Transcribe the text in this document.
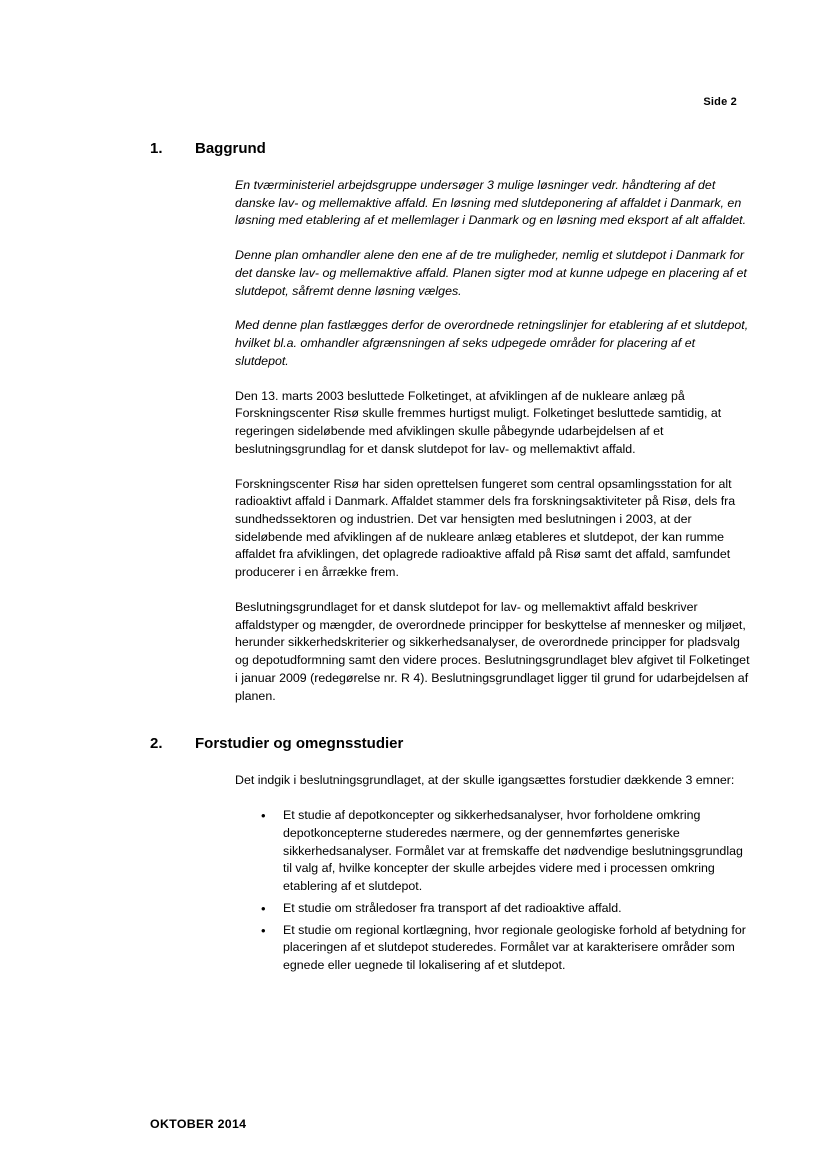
Side 2
1.	Baggrund

En tværministeriel arbejdsgruppe undersøger 3 mulige løsninger vedr. håndtering af det danske lav- og mellemaktive affald. En løsning med slutdeponering af affaldet i Danmark, en løsning med etablering af et mellemlager i Danmark og en løsning med eksport af alt affaldet.

Denne plan omhandler alene den ene af de tre muligheder, nemlig et slutdepot i Danmark for det danske lav- og mellemaktive affald. Planen sigter mod at kunne udpege en placering af et slutdepot, såfremt denne løsning vælges.

Med denne plan fastlægges derfor de overordnede retningslinjer for etablering af et slutdepot, hvilket bl.a. omhandler afgrænsningen af seks udpegede områder for placering af et slutdepot.

Den 13. marts 2003 besluttede Folketinget, at afviklingen af de nukleare anlæg på Forskningscenter Risø skulle fremmes hurtigst muligt. Folketinget besluttede samtidig, at regeringen sideløbende med afviklingen skulle påbegynde udarbejdelsen af et beslutningsgrundlag for et dansk slutdepot for lav- og mellemaktivt affald.

Forskningscenter Risø har siden oprettelsen fungeret som central opsamlingsstation for alt radioaktivt affald i Danmark. Affaldet stammer dels fra forskningsaktiviteter på Risø, dels fra sundhedssektoren og industrien. Det var hensigten med beslutningen i 2003, at der sideløbende med afviklingen af de nukleare anlæg etableres et slutdepot, der kan rumme affaldet fra afviklingen, det oplagrede radioaktive affald på Risø samt det affald, samfundet producerer i en årrække frem.

Beslutningsgrundlaget for et dansk slutdepot for lav- og mellemaktivt affald beskriver affaldstyper og mængder, de overordnede principper for beskyttelse af mennesker og miljøet, herunder sikkerhedskriterier og sikkerhedsanalyser, de overordnede principper for pladsvalg og depotudformning samt den videre proces. Beslutningsgrundlaget blev afgivet til Folketinget i januar 2009 (redegørelse nr. R 4). Beslutningsgrundlaget ligger til grund for udarbejdelsen af planen.

2.	Forstudier og omegnsstudier

Det indgik i beslutningsgrundlaget, at der skulle igangsættes forstudier dækkende 3 emner:

• Et studie af depotkoncepter og sikkerhedsanalyser, hvor forholdene omkring depotkoncepterne studeredes nærmere, og der gennemførtes generiske sikkerhedsanalyser. Formålet var at fremskaffe det nødvendige beslutningsgrundlag til valg af, hvilke koncepter der skulle arbejdes videre med i processen omkring etablering af et slutdepot.
• Et studie om stråledoser fra transport af det radioaktive affald.
• Et studie om regional kortlægning, hvor regionale geologiske forhold af betydning for placeringen af et slutdepot studeredes. Formålet var at karakterisere områder som egnede eller uegnede til lokalisering af et slutdepot.
OKTOBER 2014
